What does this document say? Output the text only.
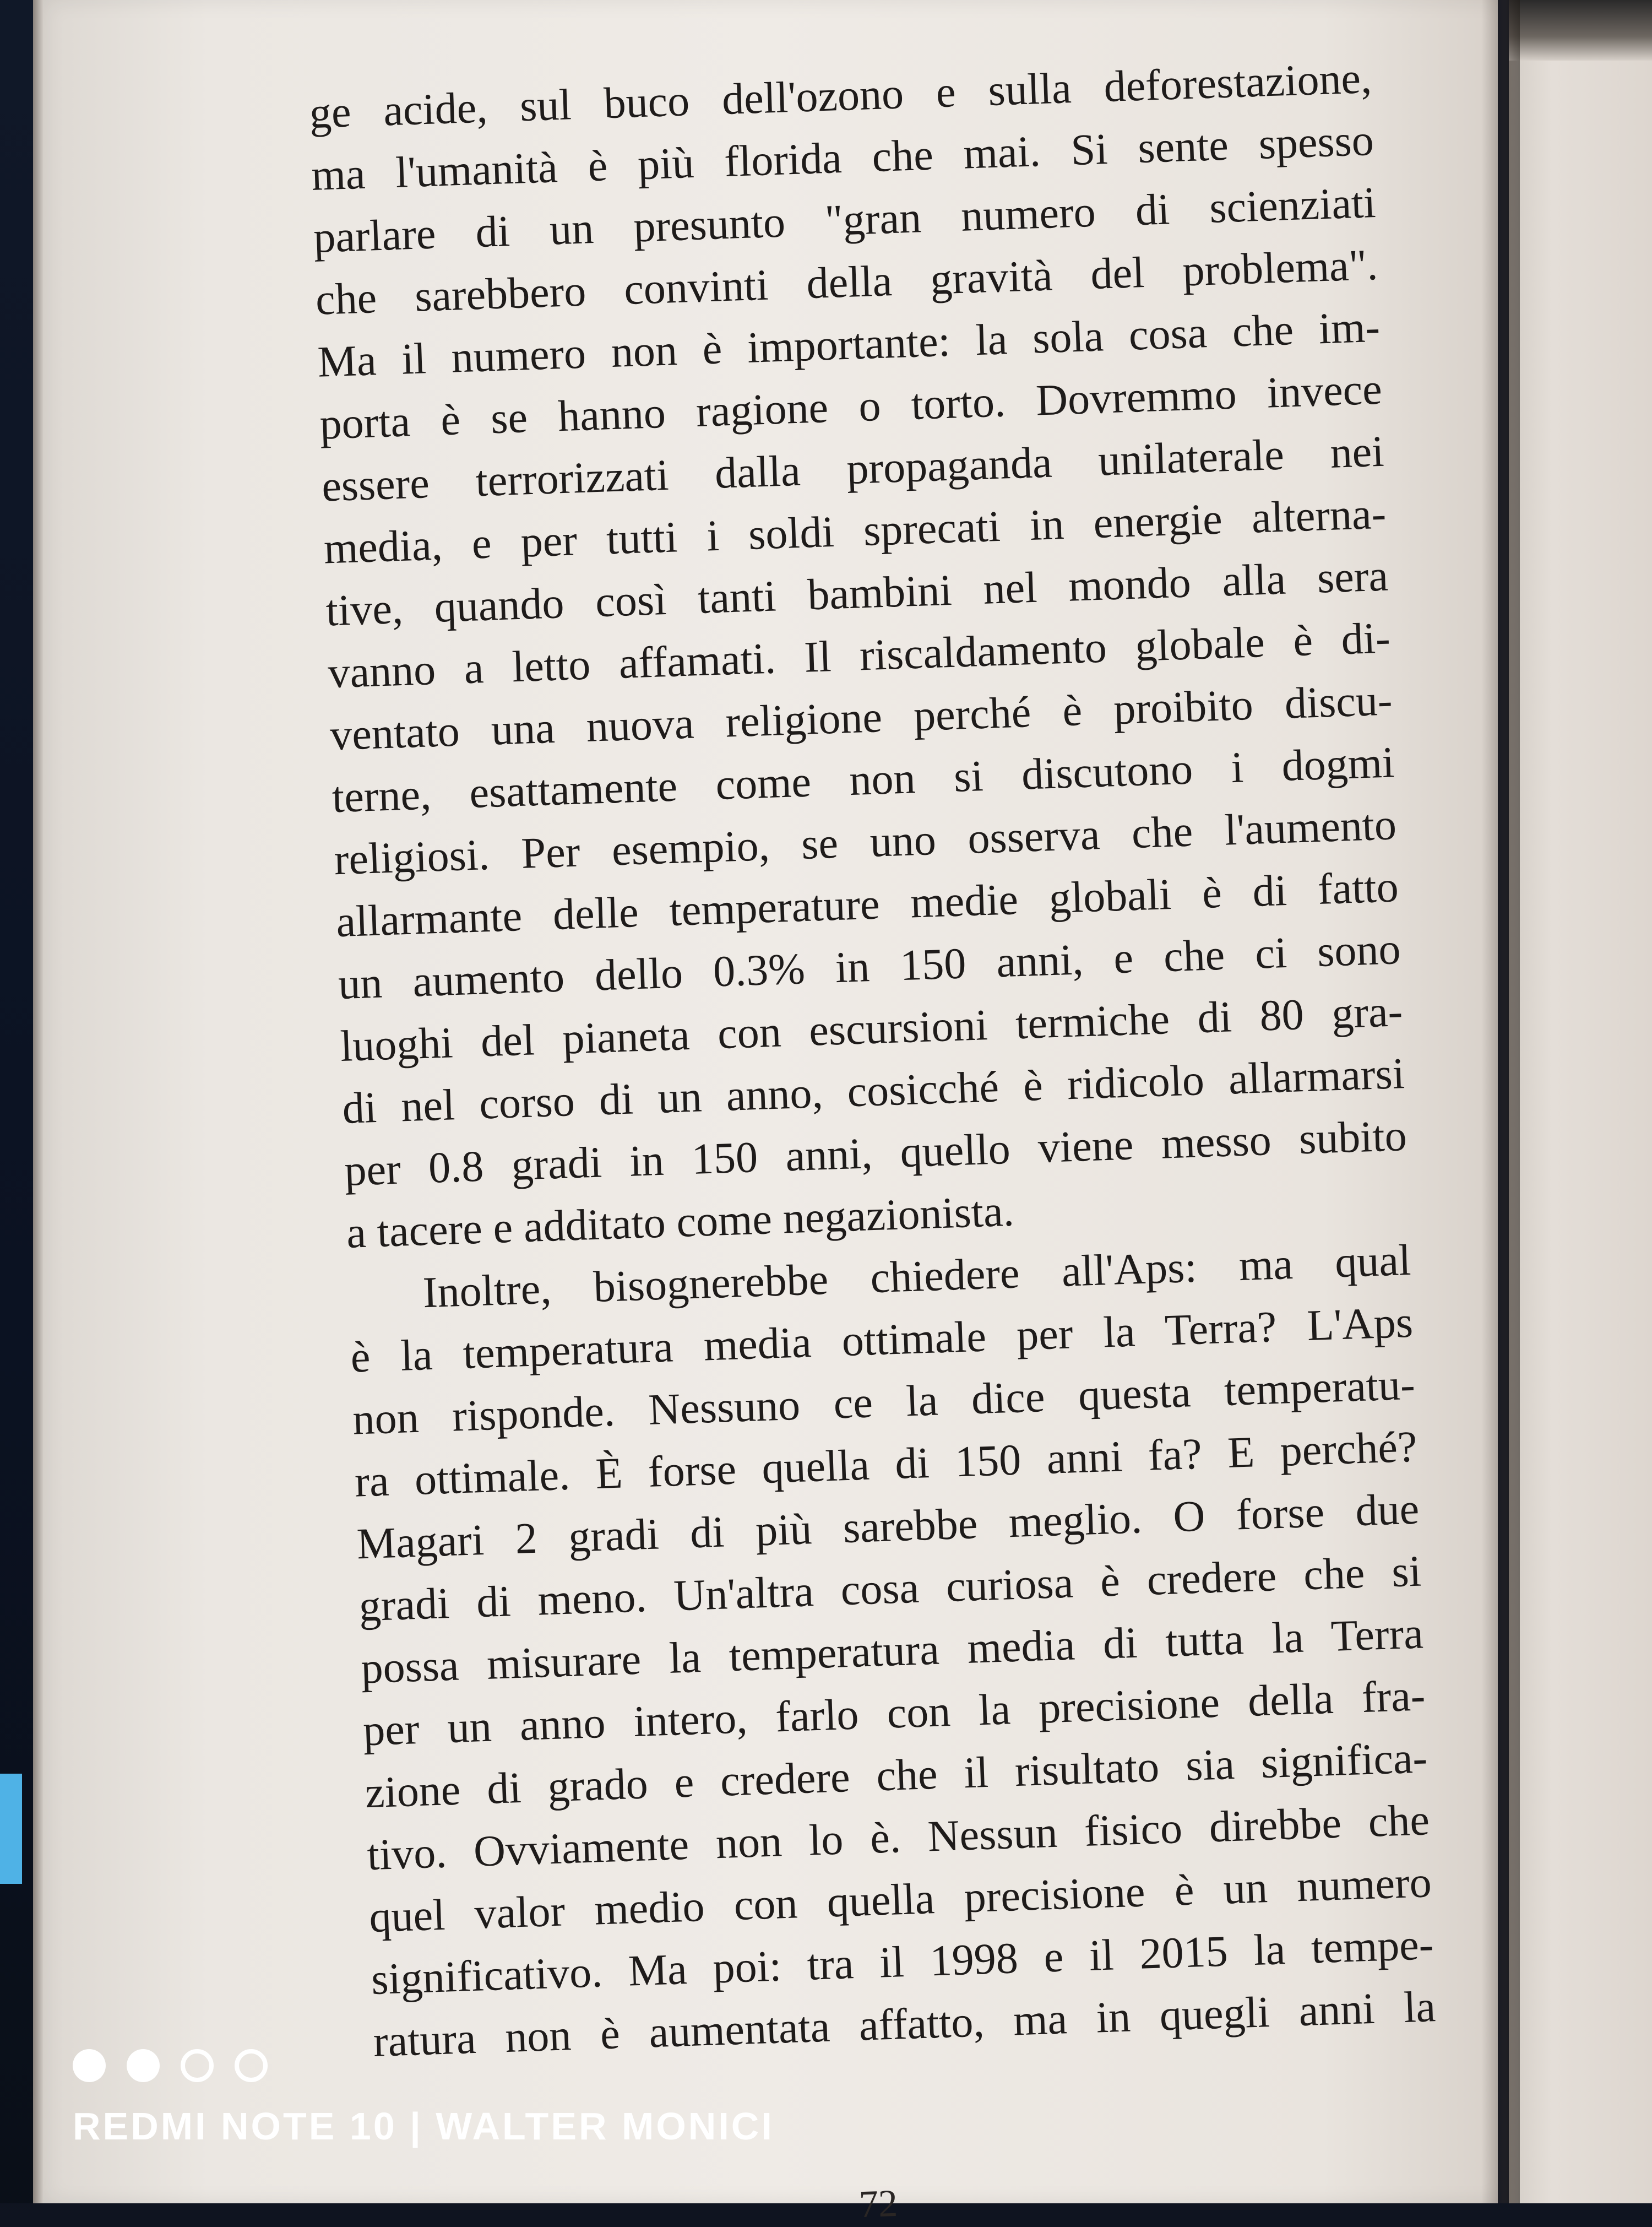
ge acide, sul buco dell'ozono e sulla deforestazione,
ma l'umanità è più florida che mai. Si sente spesso
parlare di un presunto "gran numero di scienziati
che sarebbero convinti della gravità del problema".
Ma il numero non è importante: la sola cosa che im-
porta è se hanno ragione o torto. Dovremmo invece
essere terrorizzati dalla propaganda unilaterale nei
media, e per tutti i soldi sprecati in energie alterna-
tive, quando così tanti bambini nel mondo alla sera
vanno a letto affamati. Il riscaldamento globale è di-
ventato una nuova religione perché è proibito discu-
terne, esattamente come non si discutono i dogmi
religiosi. Per esempio, se uno osserva che l'aumento
allarmante delle temperature medie globali è di fatto
un aumento dello 0.3% in 150 anni, e che ci sono
luoghi del pianeta con escursioni termiche di 80 gra-
di nel corso di un anno, cosicché è ridicolo allarmarsi
per 0.8 gradi in 150 anni, quello viene messo subito
a tacere e additato come negazionista.
Inoltre, bisognerebbe chiedere all'Aps: ma qual
è la temperatura media ottimale per la Terra? L'Aps
non risponde. Nessuno ce la dice questa temperatu-
ra ottimale. È forse quella di 150 anni fa? E perché?
Magari 2 gradi di più sarebbe meglio. O forse due
gradi di meno. Un'altra cosa curiosa è credere che si
possa misurare la temperatura media di tutta la Terra
per un anno intero, farlo con la precisione della fra-
zione di grado e credere che il risultato sia significa-
tivo. Ovviamente non lo è. Nessun fisico direbbe che
quel valor medio con quella precisione è un numero
significativo. Ma poi: tra il 1998 e il 2015 la tempe-
ratura non è aumentata affatto, ma in quegli anni la
72
REDMI NOTE 10 | WALTER MONICI
